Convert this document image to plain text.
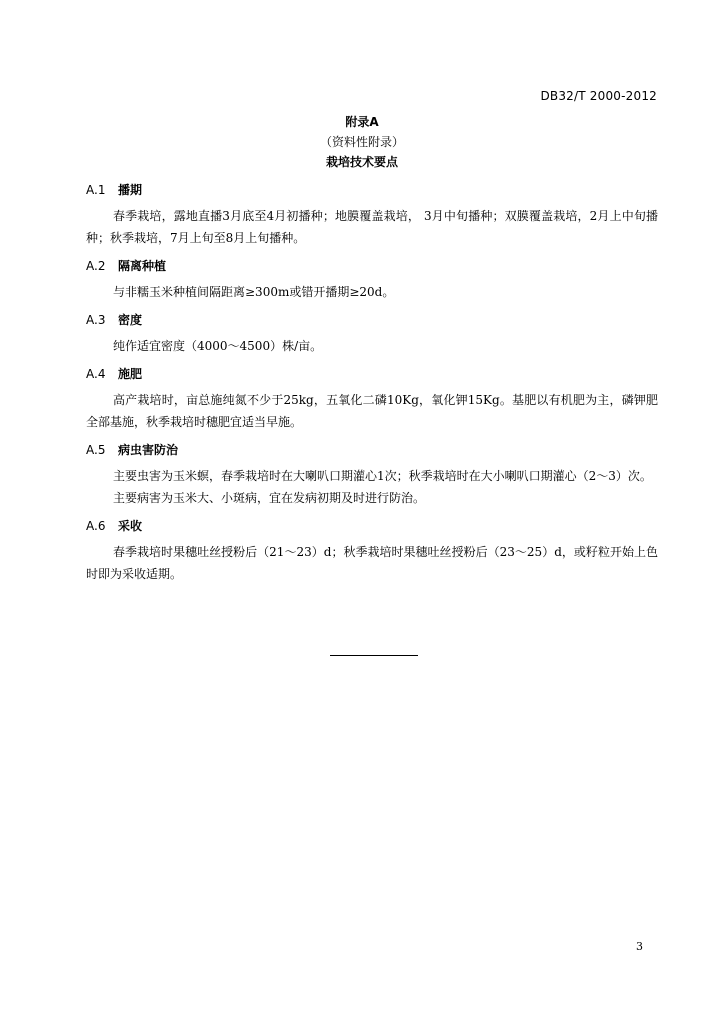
DB32/T 2000-2012
附录A
（资料性附录）
栽培技术要点
A.1 播期

春季栽培，露地直播3月底至4月初播种；地膜覆盖栽培， 3月中旬播种；双膜覆盖栽培，2月上中旬播种；秋季栽培，7月上旬至8月上旬播种。

A.2 隔离种植

与非糯玉米种植间隔距离≥300m或错开播期≥20d。

A.3 密度

纯作适宜密度（4000～4500）株/亩。

A.4 施肥

高产栽培时，亩总施纯氮不少于25kg，五氧化二磷10Kg，氧化钾15Kg。基肥以有机肥为主，磷钾肥全部基施，秋季栽培时穗肥宜适当早施。

A.5 病虫害防治

主要虫害为玉米螟，春季栽培时在大喇叭口期灌心1次；秋季栽培时在大小喇叭口期灌心（2～3）次。

主要病害为玉米大、小斑病，宜在发病初期及时进行防治。

A.6 采收

春季栽培时果穗吐丝授粉后（21～23）d；秋季栽培时果穗吐丝授粉后（23～25）d，或籽粒开始上色时即为采收适期。

3
